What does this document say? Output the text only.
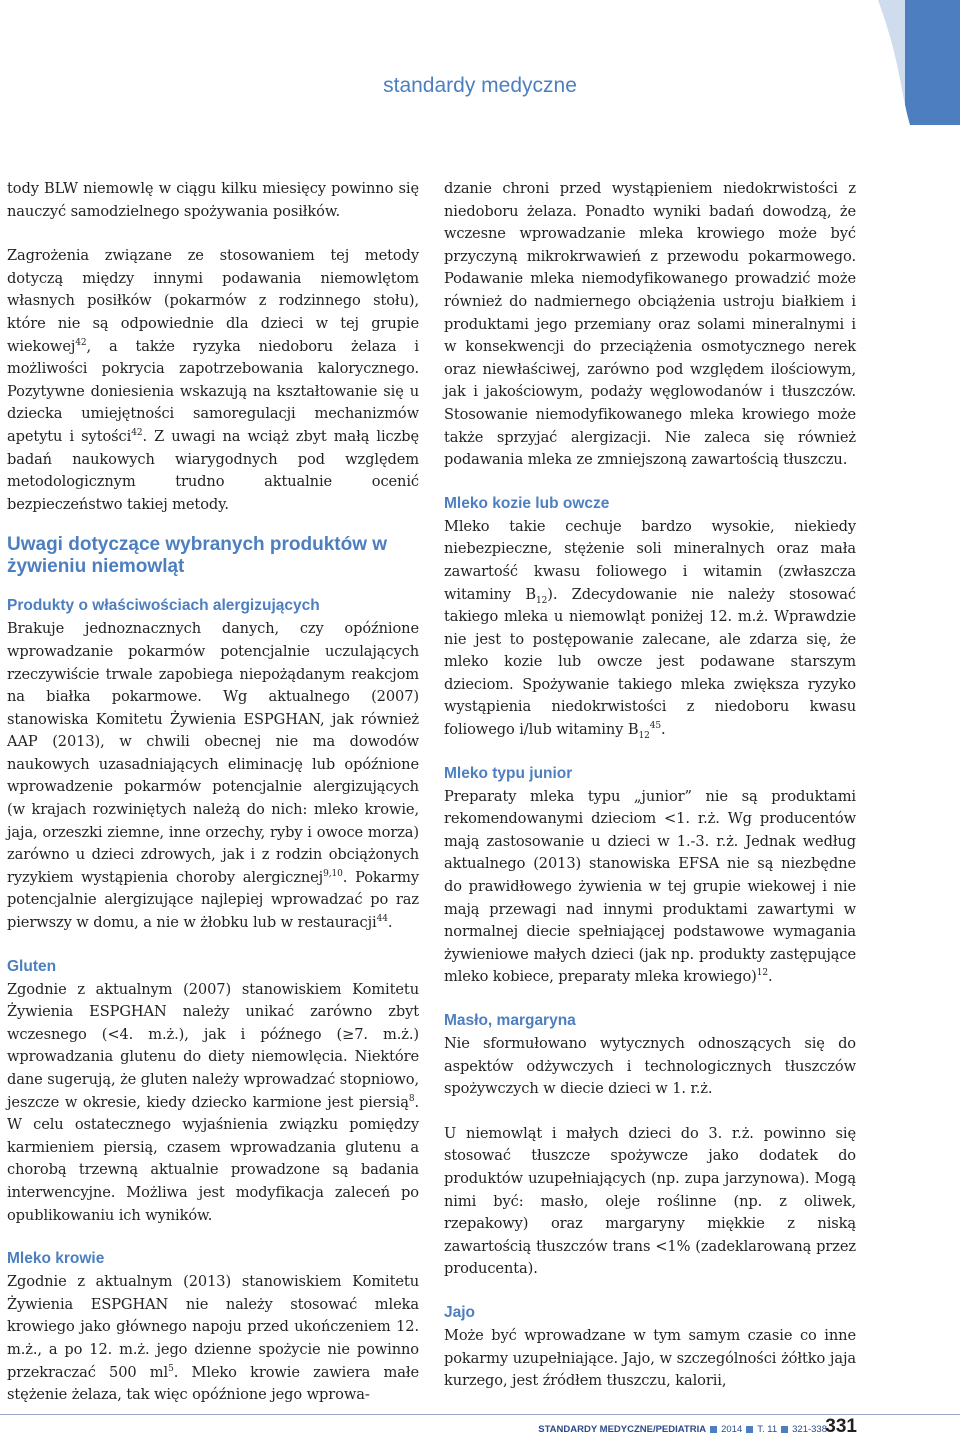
standardy medyczne

tody BLW niemowlę w ciągu kilku miesięcy powinno się nauczyć samodzielnego spożywania posiłków.

Zagrożenia związane ze stosowaniem tej metody dotyczą między innymi podawania niemowlętom własnych posiłków (pokarmów z rodzinnego stołu), które nie są odpowiednie dla dzieci w tej grupie wiekowej$^{42}$, a także ryzyka niedoboru żelaza i możliwości pokrycia zapotrzebowania kalorycznego. Pozytywne doniesienia wskazują na kształtowanie się u dziecka umiejętności samoregulacji mechanizmów apetytu i sytości$^{42}$. Z uwagi na wciąż zbyt małą liczbę badań naukowych wiarygodnych pod względem metodologicznym trudno aktualnie ocenić bezpieczeństwo takiej metody.

Uwagi dotyczące wybranych produktów w żywieniu niemowląt
Produkty o właściwościach alergizujących

Brakuje jednoznacznych danych, czy opóźnione wprowadzanie pokarmów potencjalnie uczulających rzeczywiście trwale zapobiega niepożądanym reakcjom na białka pokarmowe. Wg aktualnego (2007) stanowiska Komitetu Żywienia ESPGHAN, jak również AAP (2013), w chwili obecnej nie ma dowodów naukowych uzasadniających eliminację lub opóźnione wprowadzenie pokarmów potencjalnie alergizujących (w krajach rozwiniętych należą do nich: mleko krowie, jaja, orzeszki ziemne, inne orzechy, ryby i owoce morza) zarówno u dzieci zdrowych, jak i z rodzin obciążonych ryzykiem wystąpienia choroby alergicznej$^{9,10}$. Pokarmy potencjalnie alergizujące najlepiej wprowadzać po raz pierwszy w domu, a nie w żłobku lub w restauracji$^{44}$.

Gluten

Zgodnie z aktualnym (2007) stanowiskiem Komitetu Żywienia ESPGHAN należy unikać zarówno zbyt wczesnego (<4. m.ż.), jak i późnego (≥7. m.ż.) wprowadzania glutenu do diety niemowlęcia. Niektóre dane sugerują, że gluten należy wprowadzać stopniowo, jeszcze w okresie, kiedy dziecko karmione jest piersią$^8$. W celu ostatecznego wyjaśnienia związku pomiędzy karmieniem piersią, czasem wprowadzania glutenu a chorobą trzewną aktualnie prowadzone są badania interwencyjne. Możliwa jest modyfikacja zaleceń po opublikowaniu ich wyników.

Mleko krowie

Zgodnie z aktualnym (2013) stanowiskiem Komitetu Żywienia ESPGHAN nie należy stosować mleka krowiego jako głównego napoju przed ukończeniem 12. m.ż., a po 12. m.ż. jego dzienne spożycie nie powinno przekraczać 500 $ml^5$. Mleko krowie zawiera małe stężenie żelaza, tak więc opóźnione jego wprowa-

dzanie chroni przed wystąpieniem niedokrwistości z niedoboru żelaza. Ponadto wyniki badań dowodzą, że wczesne wprowadzanie mleka krowiego może być przyczyną mikrokrwawień z przewodu pokarmowego. Podawanie mleka niemodyfikowanego prowadzić może również do nadmiernego obciążenia ustroju białkiem i produktami jego przemiany oraz solami mineralnymi i w konsekwencji do przeciążenia osmotycznego nerek oraz niewłaściwej, zarówno pod względem ilościowym, jak i jakościowym, podaży węglowodanów i tłuszczów. Stosowanie niemodyfikowanego mleka krowiego może także sprzyjać alergizacji. Nie zaleca się również podawania mleka ze zmniejszoną zawartością tłuszczu.

Mleko kozie lub owcze

Mleko takie cechuje bardzo wysokie, niekiedy niebezpieczne, stężenie soli mineralnych oraz mała zawartość kwasu foliowego i witamin (zwłaszcza witaminy $B_{12}$). Zdecydowanie nie należy stosować takiego mleka u niemowląt poniżej 12. m.ż. Wprawdzie nie jest to postępowanie zalecane, ale zdarza się, że mleko kozie lub owcze jest podawane starszym dzieciom. Spożywanie takiego mleka zwiększa ryzyko wystąpienia niedokrwistości z niedoboru kwasu foliowego i/lub witaminy $B_{12}^{45}$.

Mleko typu junior

Preparaty mleka typu „junior” nie są produktami rekomendowanymi dzieciom <1. r.ż. Wg producentów mają zastosowanie u dzieci w 1.-3. r.ż. Jednak według aktualnego (2013) stanowiska EFSA nie są niezbędne do prawidłowego żywienia w tej grupie wiekowej i nie mają przewagi nad innymi produktami zawartymi w normalnej diecie spełniającej podstawowe wymagania żywieniowe małych dzieci (jak np. produkty zastępujące mleko kobiece, preparaty mleka krowiego)$^{12}$.

Masło, margaryna

Nie sformułowano wytycznych odnoszących się do aspektów odżywczych i technologicznych tłuszczów spożywczych w diecie dzieci w 1. r.ż.

U niemowląt i małych dzieci do 3. r.ż. powinno się stosować tłuszcze spożywcze jako dodatek do produktów uzupełniających (np. zupa jarzynowa). Mogą nimi być: masło, oleje roślinne (np. z oliwek, rzepakowy) oraz margaryny miękkie z niską zawartością tłuszczów trans <1% (zadeklarowaną przez producenta).

Jajo

Może być wprowadzane w tym samym czasie co inne pokarmy uzupełniające. Jajo, w szczególności żółtko jaja kurzego, jest źródłem tłuszczu, kalorii,

STANDARDY MEDYCZNE/PEDIATRIA 2014 T. 11 321-338
331
